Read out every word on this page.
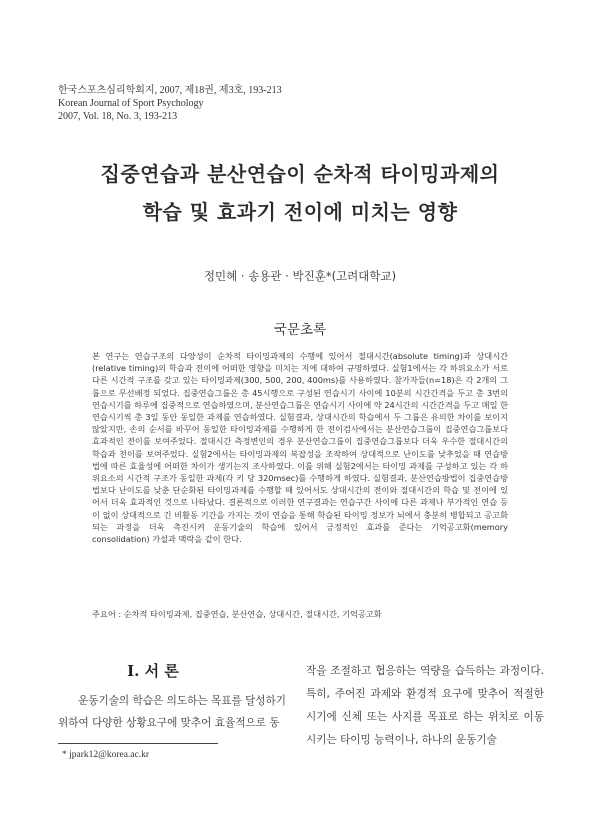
한국스포츠심리학회지, 2007, 제18권, 제3호, 193-213
Korean Journal of Sport Psychology
2007, Vol. 18, No. 3, 193-213
집중연습과 분산연습이 순차적 타이밍과제의
학습 및 효과기 전이에 미치는 영향
정민혜 · 송용관 · 박진훈*(고려대학교)
국문초록

본 연구는 연습구조의 다양성이 순차적 타이밍과제의 수행에 있어서 절대시간(absolute timing)과 상대시간(relative timing)의 학습과 전이에 어떠한 영향을 미치는 지에 대하여 규명하였다. 실험1에서는 각 하위요소가 서로 다른 시간적 구조를 갖고 있는 타이밍과제(300, 500, 200, 400ms)를 사용하였다. 참가자들(n=18)은 각 2개의 그룹으로 무선배정 되었다. 집중연습그룹은 총 45시행으로 구성된 연습시기 사이에 10분의 시간간격을 두고 총 3번의 연습시기를 하루에 집중적으로 연습하였으며, 분산연습그룹은 연습시기 사이에 약 24시간의 시간간격을 두고 매일 한 연습시기씩 총 3일 동안 동일한 과제를 연습하였다. 실험결과, 상대시간의 학습에서 두 그룹은 유의한 차이를 보이지 않았지만, 손의 순서를 바꾸어 동일한 타이밍과제를 수행하게 한 전이검사에서는 분산연습그룹이 집중연습그룹보다 효과적인 전이를 보여주었다. 절대시간 측정변인의 경우 분산연습그룹이 집중연습그룹보다 더욱 우수한 절대시간의 학습과 전이를 보여주었다. 실험2에서는 타이밍과제의 복잡성을 조작하여 상대적으로 난이도를 낮추었을 때 연습방법에 따른 효율성에 어떠한 차이가 생기는지 조사하였다. 이를 위해 실험2에서는 타이밍 과제를 구성하고 있는 각 하위요소의 시간적 구조가 동일한 과제(각 키 당 320msec)를 수행하게 하였다. 실험결과, 분산연습방법이 집중연습방법보다 난이도를 낮춘 단순화된 타이밍과제를 수행할 때 있어서도 상대시간의 전이와 절대시간의 학습 및 전이에 있어서 더욱 효과적인 것으로 나타났다. 결론적으로 이러한 연구결과는 연습구간 사이에 다른 과제나 부가적인 연습 등이 없이 상대적으로 긴 비활동 기간을 가지는 것이 연습을 통해 학습된 타이밍 정보가 뇌에서 충분히 병합되고 공고화되는 과정을 더욱 촉진시켜 운동기술의 학습에 있어서 긍정적인 효과를 준다는 기억공고화(memory consolidation) 가설과 맥락을 같이 한다.

주요어 : 순차적 타이밍과제, 집중연습, 분산연습, 상대시간, 절대시간, 기억공고화
Ⅰ. 서 론

운동기술의 학습은 의도하는 목표를 달성하기 위하여 다양한 상황요구에 맞추어 효율적으로 동

작을 조절하고 협응하는 역량을 습득하는 과정이다. 특히, 주어진 과제와 환경적 요구에 맞추어 적절한 시기에 신체 또는 사지를 목표로 하는 위치로 이동시키는 타이밍 능력이나, 하나의 운동기술

* jpark12@korea.ac.kr
